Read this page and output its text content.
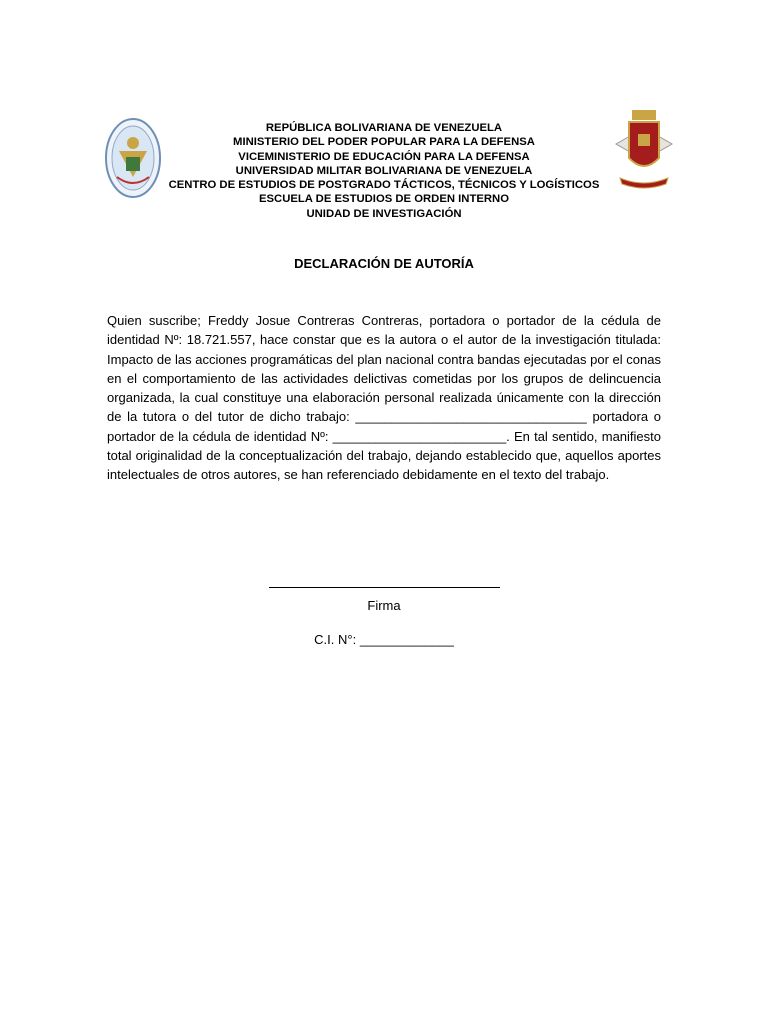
REPÚBLICA BOLIVARIANA DE VENEZUELA
MINISTERIO DEL PODER POPULAR PARA LA DEFENSA
VICEMINISTERIO DE EDUCACIÓN PARA LA DEFENSA
UNIVERSIDAD MILITAR BOLIVARIANA DE VENEZUELA
CENTRO DE ESTUDIOS DE POSTGRADO TÁCTICOS, TÉCNICOS Y LOGÍSTICOS
ESCUELA DE ESTUDIOS DE ORDEN INTERNO
UNIDAD DE INVESTIGACIÓN
DECLARACIÓN DE AUTORÍA
Quien suscribe; Freddy Josue Contreras Contreras, portadora o portador de la cédula de identidad Nº: 18.721.557, hace constar que es la autora o el autor de la investigación titulada: Impacto de las acciones programáticas del plan nacional contra bandas ejecutadas por el conas en el comportamiento de las actividades delictivas cometidas por los grupos de delincuencia organizada, la cual constituye una elaboración personal realizada únicamente con la dirección de la tutora o del tutor de dicho trabajo: ________________________________ portadora o portador de la cédula de identidad Nº: ________________________. En tal sentido, manifiesto total originalidad de la conceptualización del trabajo, dejando establecido que, aquellos aportes intelectuales de otros autores, se han referenciado debidamente en el texto del trabajo.
Firma
C.I. N°: _____________
